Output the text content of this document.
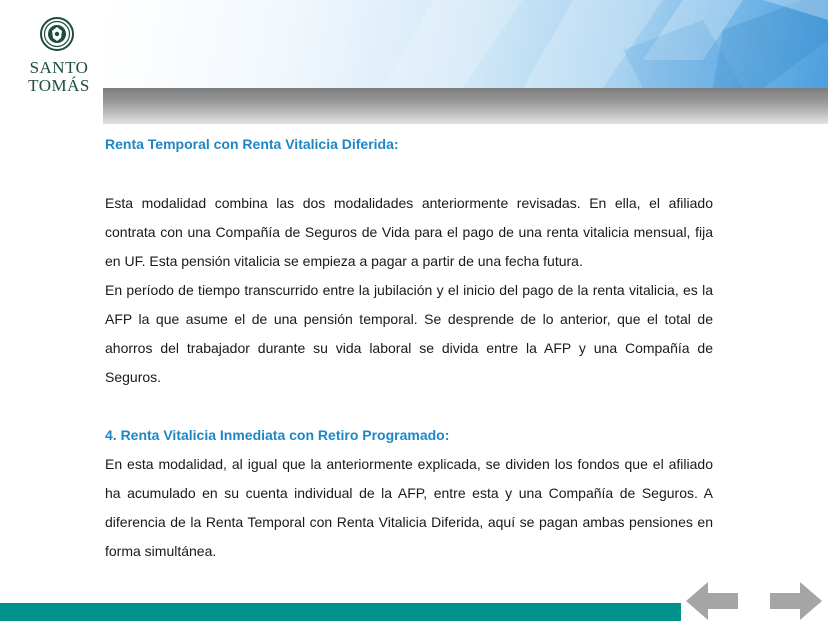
SANTO
TOMÁS
Renta Temporal con Renta Vitalicia Diferida:
Esta modalidad combina las dos modalidades anteriormente revisadas. En ella, el afiliado contrata con una Compañía de Seguros de Vida para el pago de una renta vitalicia mensual, fija en UF. Esta pensión vitalicia se empieza a pagar a partir de una fecha futura.
En período de tiempo transcurrido entre la jubilación y el inicio del pago de la renta vitalicia, es la AFP la que asume el de una pensión temporal. Se desprende de lo anterior, que el total de ahorros del trabajador durante su vida laboral se divida entre la AFP y una Compañía de Seguros.
4. Renta Vitalicia Inmediata con Retiro Programado:
En esta modalidad, al igual que la anteriormente explicada, se dividen los fondos que el afiliado ha acumulado en su cuenta individual de la AFP, entre esta y una Compañía de Seguros. A diferencia de la Renta Temporal con Renta Vitalicia Diferida, aquí se pagan ambas pensiones en forma simultánea.
